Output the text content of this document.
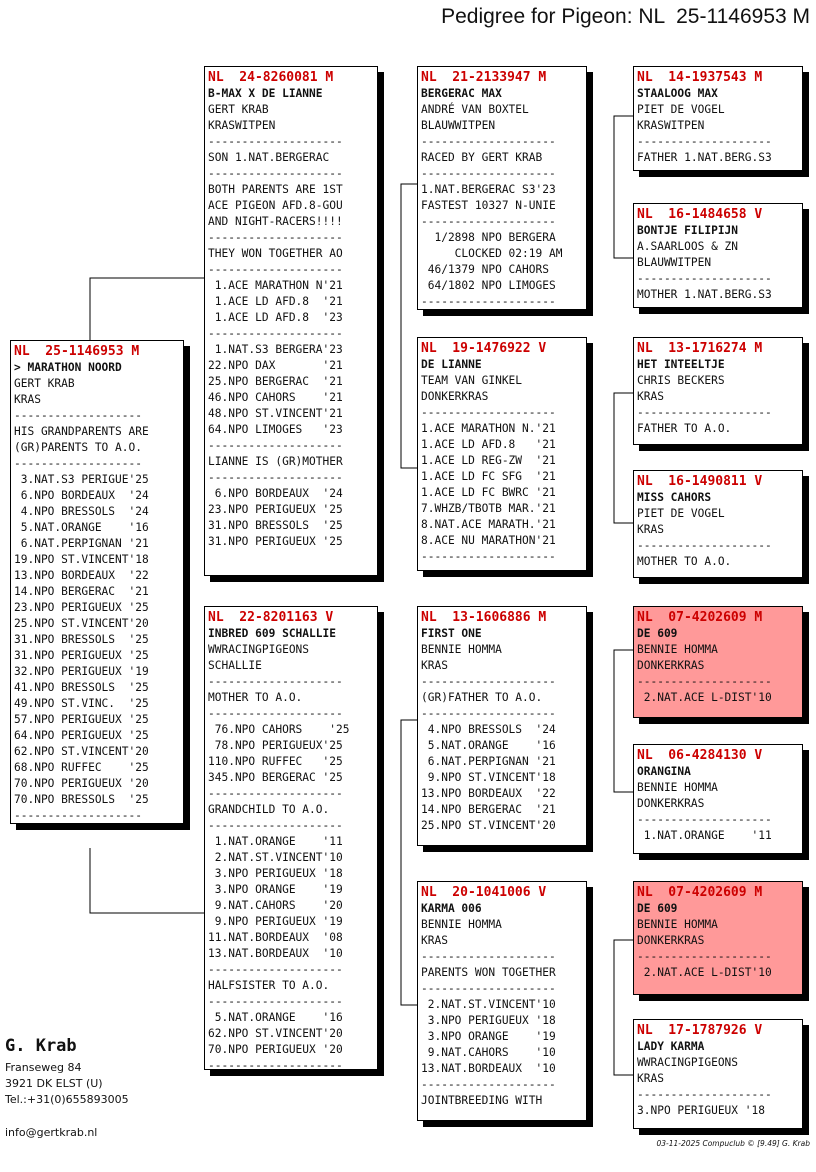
Pedigree for Pigeon: NL  25-1146953 M
NL  25-1146953 M
> MARATHON NOORD
GERT KRAB
KRAS
-------------------
HIS GRANDPARENTS ARE
(GR)PARENTS TO A.O.
-------------------
3.NAT.S3 PERIGUE'25
6.NPO BORDEAUX  '24
4.NPO BRESSOLS  '24
5.NAT.ORANGE    '16
6.NAT.PERPIGNAN '21
19.NPO ST.VINCENT'18
13.NPO BORDEAUX  '22
14.NPO BERGERAC  '21
23.NPO PERIGUEUX '25
25.NPO ST.VINCENT'20
31.NPO BRESSOLS  '25
31.NPO PERIGUEUX '25
32.NPO PERIGUEUX '19
41.NPO BRESSOLS  '25
49.NPO ST.VINC.  '25
57.NPO PERIGUEUX '25
64.NPO PERIGUEUX '25
62.NPO ST.VINCENT'20
68.NPO RUFFEC    '25
70.NPO PERIGUEUX '20
70.NPO BRESSOLS  '25
-------------------
NL  24-8260081 M
B-MAX X DE LIANNE
GERT KRAB
KRASWITPEN
--------------------
SON 1.NAT.BERGERAC
--------------------
BOTH PARENTS ARE 1ST
ACE PIGEON AFD.8-GOU
AND NIGHT-RACERS!!!!
--------------------
THEY WON TOGETHER AO
--------------------
1.ACE MARATHON N'21
1.ACE LD AFD.8  '21
1.ACE LD AFD.8  '23
--------------------
1.NAT.S3 BERGERA'23
22.NPO DAX       '21
25.NPO BERGERAC  '21
46.NPO CAHORS    '21
48.NPO ST.VINCENT'21
64.NPO LIMOGES   '23
--------------------
LIANNE IS (GR)MOTHER
--------------------
6.NPO BORDEAUX  '24
23.NPO PERIGUEUX '25
31.NPO BRESSOLS  '25
31.NPO PERIGUEUX '25
NL  22-8201163 V
INBRED 609 SCHALLIE
WWRACINGPIGEONS
SCHALLIE
--------------------
MOTHER TO A.O.
--------------------
76.NPO CAHORS    '25
78.NPO PERIGUEUX'25
110.NPO RUFFEC   '25
345.NPO BERGERAC '25
--------------------
GRANDCHILD TO A.O.
--------------------
1.NAT.ORANGE    '11
2.NAT.ST.VINCENT'10
3.NPO PERIGUEUX '18
3.NPO ORANGE    '19
9.NAT.CAHORS    '20
9.NPO PERIGUEUX '19
11.NAT.BORDEAUX  '08
13.NAT.BORDEAUX  '10
--------------------
HALFSISTER TO A.O.
--------------------
5.NAT.ORANGE    '16
62.NPO ST.VINCENT'20
70.NPO PERIGUEUX '20
--------------------
NL  21-2133947 M
BERGERAC MAX
ANDRÉ VAN BOXTEL
BLAUWWITPEN
--------------------
RACED BY GERT KRAB
--------------------
1.NAT.BERGERAC S3'23
FASTEST 10327 N-UNIE
--------------------
1/2898 NPO BERGERA
CLOCKED 02:19 AM
46/1379 NPO CAHORS
64/1802 NPO LIMOGES
--------------------
NL  19-1476922 V
DE LIANNE
TEAM VAN GINKEL
DONKERKRAS
--------------------
1.ACE MARATHON N.'21
1.ACE LD AFD.8   '21
1.ACE LD REG-ZW  '21
1.ACE LD FC SFG  '21
1.ACE LD FC BWRC '21
7.WHZB/TBOTB MAR.'21
8.NAT.ACE MARATH.'21
8.ACE NU MARATHON'21
--------------------
NL  13-1606886 M
FIRST ONE
BENNIE HOMMA
KRAS
--------------------
(GR)FATHER TO A.O.
--------------------
4.NPO BRESSOLS  '24
5.NAT.ORANGE    '16
6.NAT.PERPIGNAN '21
9.NPO ST.VINCENT'18
13.NPO BORDEAUX  '22
14.NPO BERGERAC  '21
25.NPO ST.VINCENT'20
NL  20-1041006 V
KARMA 006
BENNIE HOMMA
KRAS
--------------------
PARENTS WON TOGETHER
--------------------
2.NAT.ST.VINCENT'10
3.NPO PERIGUEUX '18
3.NPO ORANGE    '19
9.NAT.CAHORS    '10
13.NAT.BORDEAUX  '10
--------------------
JOINTBREEDING WITH
NL  14-1937543 M
STAALOOG MAX
PIET DE VOGEL
KRASWITPEN
--------------------
FATHER 1.NAT.BERG.S3
NL  16-1484658 V
BONTJE FILIPIJN
A.SAARLOOS & ZN
BLAUWWITPEN
--------------------
MOTHER 1.NAT.BERG.S3
NL  13-1716274 M
HET INTEELTJE
CHRIS BECKERS
KRAS
--------------------
FATHER TO A.O.
NL  16-1490811 V
MISS CAHORS
PIET DE VOGEL
KRAS
--------------------
MOTHER TO A.O.
NL  07-4202609 M
DE 609
BENNIE HOMMA
DONKERKRAS
--------------------
2.NAT.ACE L-DIST'10
NL  06-4284130 V
ORANGINA
BENNIE HOMMA
DONKERKRAS
--------------------
1.NAT.ORANGE    '11
NL  07-4202609 M
DE 609
BENNIE HOMMA
DONKERKRAS
--------------------
2.NAT.ACE L-DIST'10
NL  17-1787926 V
LADY KARMA
WWRACINGPIGEONS
KRAS
--------------------
3.NPO PERIGUEUX '18
G. Krab
Franseweg 84
3921 DK ELST (U)
Tel.:+31(0)655893005
info@gertkrab.nl
03-11-2025 Compuclub © [9.49] G. Krab
